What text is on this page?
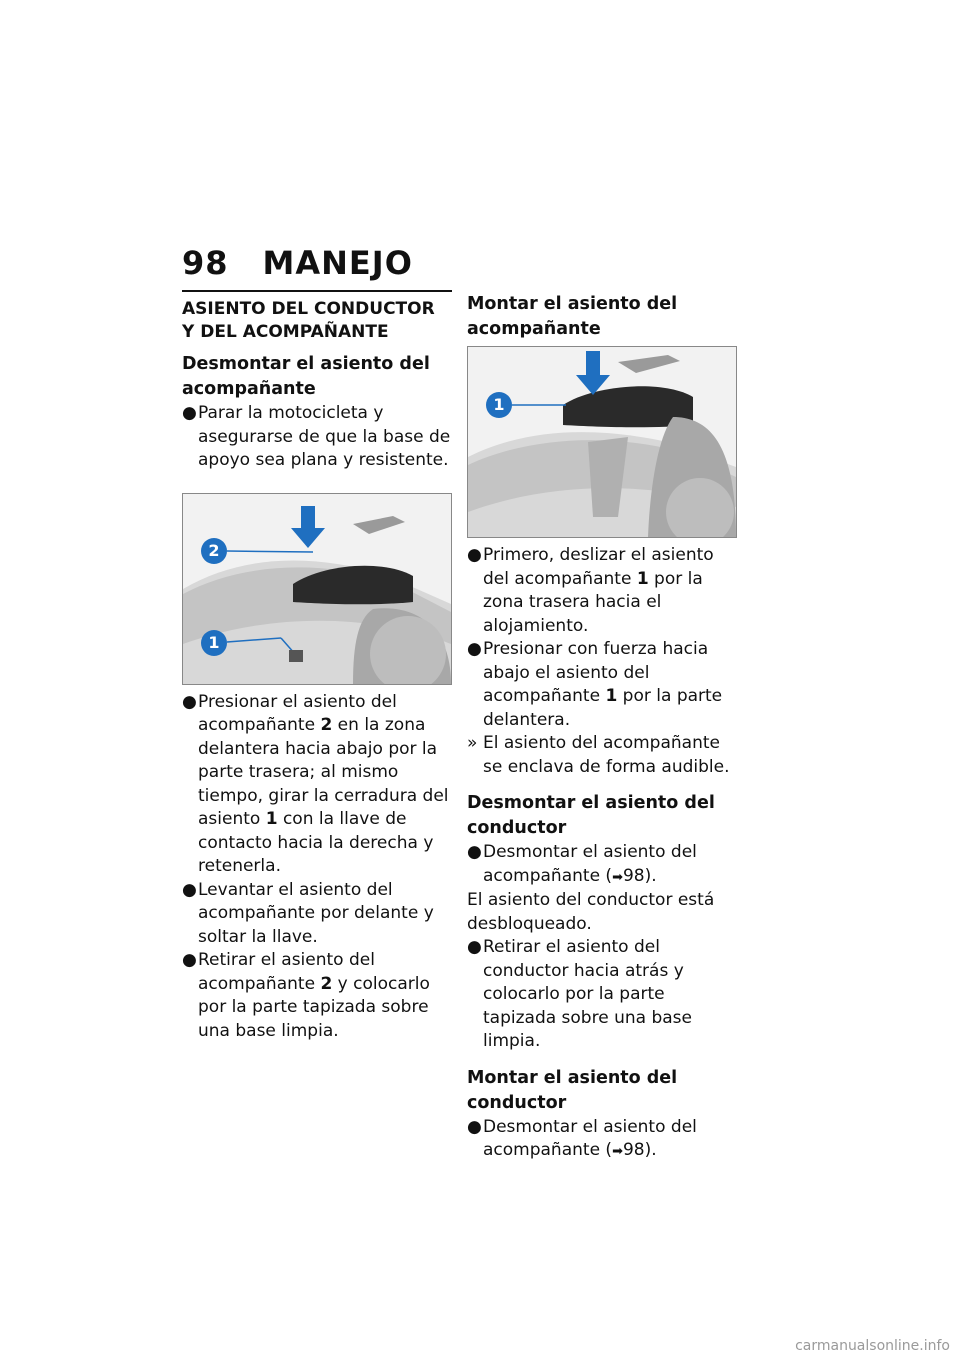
98 MANEJO
ASIENTO DEL CONDUCTOR Y DEL ACOMPAÑANTE
Desmontar el asiento del acompañante
● Parar la motocicleta y asegurarse de que la base de apoyo sea plana y resistente.
2
1
● Presionar el asiento del acompañante 2 en la zona delantera hacia abajo por la parte trasera; al mismo tiempo, girar la cerradura del asiento 1 con la llave de contacto hacia la derecha y retenerla.
● Levantar el asiento del acompañante por delante y soltar la llave.
● Retirar el asiento del acompañante 2 y colocarlo por la parte tapizada sobre una base limpia.
Montar el asiento del acompañante
1
● Primero, deslizar el asiento del acompañante 1 por la zona trasera hacia el alojamiento.
● Presionar con fuerza hacia abajo el asiento del acompañante 1 por la parte delantera.
» El asiento del acompañante se enclava de forma audible.
Desmontar el asiento del conductor
● Desmontar el asiento del acompañante (➡98).
El asiento del conductor está desbloqueado.
● Retirar el asiento del conductor hacia atrás y colocarlo por la parte tapizada sobre una base limpia.
Montar el asiento del conductor
● Desmontar el asiento del acompañante (➡98).
carmanualsonline.info
